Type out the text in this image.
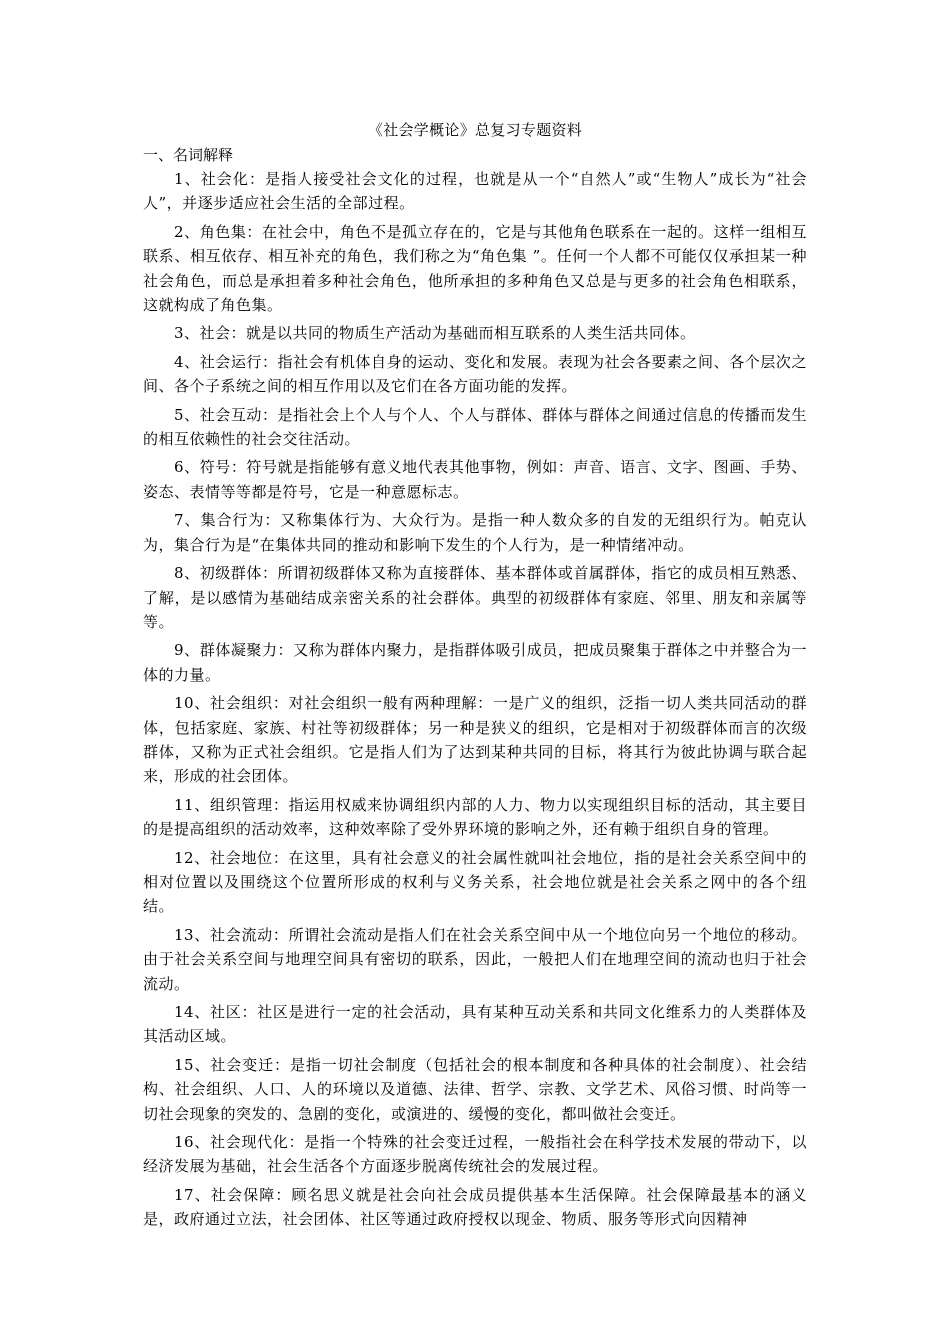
《社会学概论》总复习专题资料
一、名词解释

1、社会化：是指人接受社会文化的过程，也就是从一个“自然人”或“生物人”成长为“社会人”，并逐步适应社会生活的全部过程。

2、角色集：在社会中，角色不是孤立存在的，它是与其他角色联系在一起的。这样一组相互联系、相互依存、相互补充的角色，我们称之为“角色集 ”。任何一个人都不可能仅仅承担某一种社会角色，而总是承担着多种社会角色，他所承担的多种角色又总是与更多的社会角色相联系，这就构成了角色集。

3、社会：就是以共同的物质生产活动为基础而相互联系的人类生活共同体。

4、社会运行：指社会有机体自身的运动、变化和发展。表现为社会各要素之间、各个层次之间、各个子系统之间的相互作用以及它们在各方面功能的发挥。

5、社会互动：是指社会上个人与个人、个人与群体、群体与群体之间通过信息的传播而发生的相互依赖性的社会交往活动。

6、符号：符号就是指能够有意义地代表其他事物，例如：声音、语言、文字、图画、手势、姿态、表情等等都是符号，它是一种意愿标志。

7、集合行为：又称集体行为、大众行为。是指一种人数众多的自发的无组织行为。帕克认为，集合行为是“在集体共同的推动和影响下发生的个人行为，是一种情绪冲动。

8、初级群体：所谓初级群体又称为直接群体、基本群体或首属群体，指它的成员相互熟悉、了解，是以感情为基础结成亲密关系的社会群体。典型的初级群体有家庭、邻里、朋友和亲属等等。

9、群体凝聚力：又称为群体内聚力，是指群体吸引成员，把成员聚集于群体之中并整合为一体的力量。

10、社会组织：对社会组织一般有两种理解：一是广义的组织，泛指一切人类共同活动的群体，包括家庭、家族、村社等初级群体；另一种是狭义的组织，它是相对于初级群体而言的次级群体，又称为正式社会组织。它是指人们为了达到某种共同的目标，将其行为彼此协调与联合起来，形成的社会团体。

11、组织管理：指运用权威来协调组织内部的人力、物力以实现组织目标的活动，其主要目的是提高组织的活动效率，这种效率除了受外界环境的影响之外，还有赖于组织自身的管理。

12、社会地位：在这里，具有社会意义的社会属性就叫社会地位，指的是社会关系空间中的相对位置以及围绕这个位置所形成的权利与义务关系，社会地位就是社会关系之网中的各个纽结。

13、社会流动：所谓社会流动是指人们在社会关系空间中从一个地位向另一个地位的移动。由于社会关系空间与地理空间具有密切的联系，因此，一般把人们在地理空间的流动也归于社会流动。

14、社区：社区是进行一定的社会活动，具有某种互动关系和共同文化维系力的人类群体及其活动区域。

15、社会变迁：是指一切社会制度（包括社会的根本制度和各种具体的社会制度）、社会结构、社会组织、人口、人的环境以及道德、法律、哲学、宗教、文学艺术、风俗习惯、时尚等一切社会现象的突发的、急剧的变化，或演进的、缓慢的变化，都叫做社会变迁。

16、社会现代化：是指一个特殊的社会变迁过程，一般指社会在科学技术发展的带动下，以经济发展为基础，社会生活各个方面逐步脱离传统社会的发展过程。

17、社会保障：顾名思义就是社会向社会成员提供基本生活保障。社会保障最基本的涵义是，政府通过立法，社会团体、社区等通过政府授权以现金、物质、服务等形式向因精神
